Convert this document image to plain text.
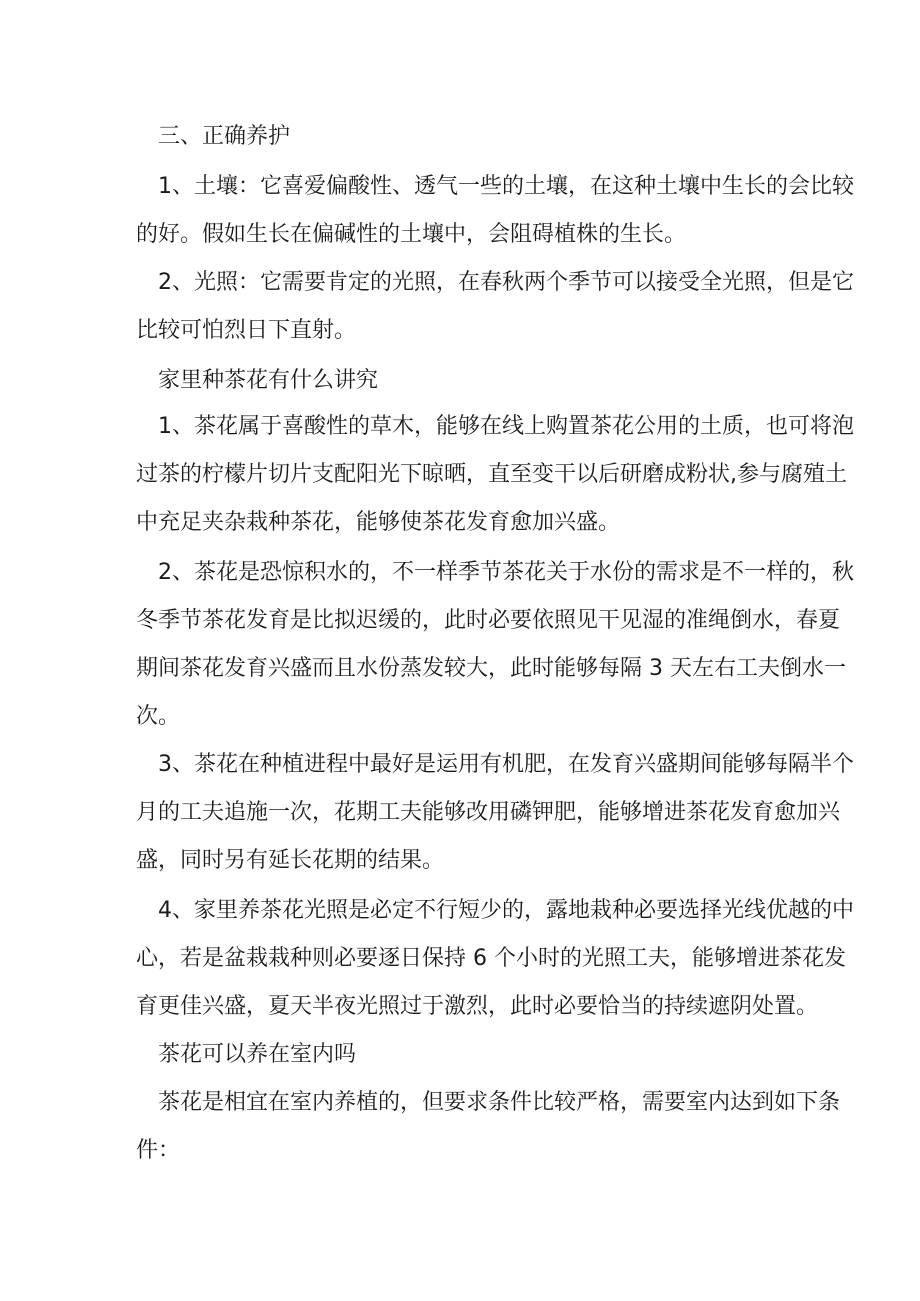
三、正确养护
1、土壤：它喜爱偏酸性、透气一些的土壤，在这种土壤中生长的会比较
的好。假如生长在偏碱性的土壤中，会阻碍植株的生长。
2、光照：它需要肯定的光照，在春秋两个季节可以接受全光照，但是它
比较可怕烈日下直射。
家里种茶花有什么讲究
1、茶花属于喜酸性的草木，能够在线上购置茶花公用的土质，也可将泡
过茶的柠檬片切片支配阳光下晾晒，直至变干以后研磨成粉状,参与腐殖土
中充足夹杂栽种茶花，能够使茶花发育愈加兴盛。
2、茶花是恐惊积水的，不一样季节茶花关于水份的需求是不一样的，秋
冬季节茶花发育是比拟迟缓的，此时必要依照见干见湿的准绳倒水，春夏
期间茶花发育兴盛而且水份蒸发较大，此时能够每隔 3 天左右工夫倒水一
次。
3、茶花在种植进程中最好是运用有机肥，在发育兴盛期间能够每隔半个
月的工夫追施一次，花期工夫能够改用磷钾肥，能够增进茶花发育愈加兴
盛，同时另有延长花期的结果。
4、家里养茶花光照是必定不行短少的，露地栽种必要选择光线优越的中
心，若是盆栽栽种则必要逐日保持 6 个小时的光照工夫，能够增进茶花发
育更佳兴盛，夏天半夜光照过于激烈，此时必要恰当的持续遮阴处置。
茶花可以养在室内吗
茶花是相宜在室内养植的，但要求条件比较严格，需要室内达到如下条
件：
